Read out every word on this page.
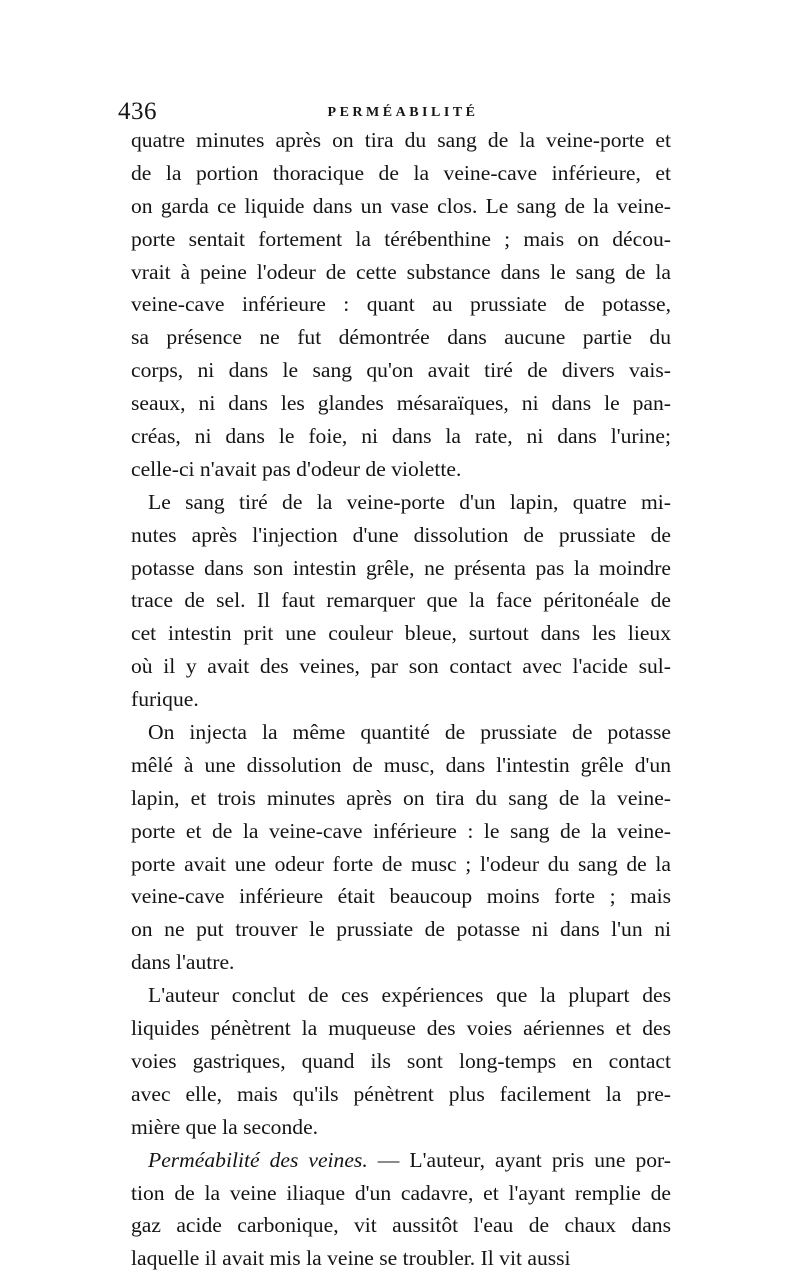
436	PERMÉABILITÉ
quatre minutes après on tira du sang de la veine-porte et
de la portion thoracique de la veine-cave inférieure, et
on garda ce liquide dans un vase clos. Le sang de la veine-
porte sentait fortement la térébenthine ; mais on décou-
vrait à peine l'odeur de cette substance dans le sang de la
veine-cave inférieure : quant au prussiate de potasse,
sa présence ne fut démontrée dans aucune partie du
corps, ni dans le sang qu'on avait tiré de divers vais-
seaux, ni dans les glandes mésaraïques, ni dans le pan-
créas, ni dans le foie, ni dans la rate, ni dans l'urine;
celle-ci n'avait pas d'odeur de violette.
Le sang tiré de la veine-porte d'un lapin, quatre mi-
nutes après l'injection d'une dissolution de prussiate de
potasse dans son intestin grêle, ne présenta pas la moindre
trace de sel. Il faut remarquer que la face péritonéale de
cet intestin prit une couleur bleue, surtout dans les lieux
où il y avait des veines, par son contact avec l'acide sul-
furique.
On injecta la même quantité de prussiate de potasse
mêlé à une dissolution de musc, dans l'intestin grêle d'un
lapin, et trois minutes après on tira du sang de la veine-
porte et de la veine-cave inférieure : le sang de la veine-
porte avait une odeur forte de musc ; l'odeur du sang de la
veine-cave inférieure était beaucoup moins forte ; mais
on ne put trouver le prussiate de potasse ni dans l'un ni
dans l'autre.
L'auteur conclut de ces expériences que la plupart des
liquides pénètrent la muqueuse des voies aériennes et des
voies gastriques, quand ils sont long-temps en contact
avec elle, mais qu'ils pénètrent plus facilement la pre-
mière que la seconde.
Perméabilité des veines. — L'auteur, ayant pris une por-
tion de la veine iliaque d'un cadavre, et l'ayant remplie de
gaz acide carbonique, vit aussitôt l'eau de chaux dans
laquelle il avait mis la veine se troubler. Il vit aussi
